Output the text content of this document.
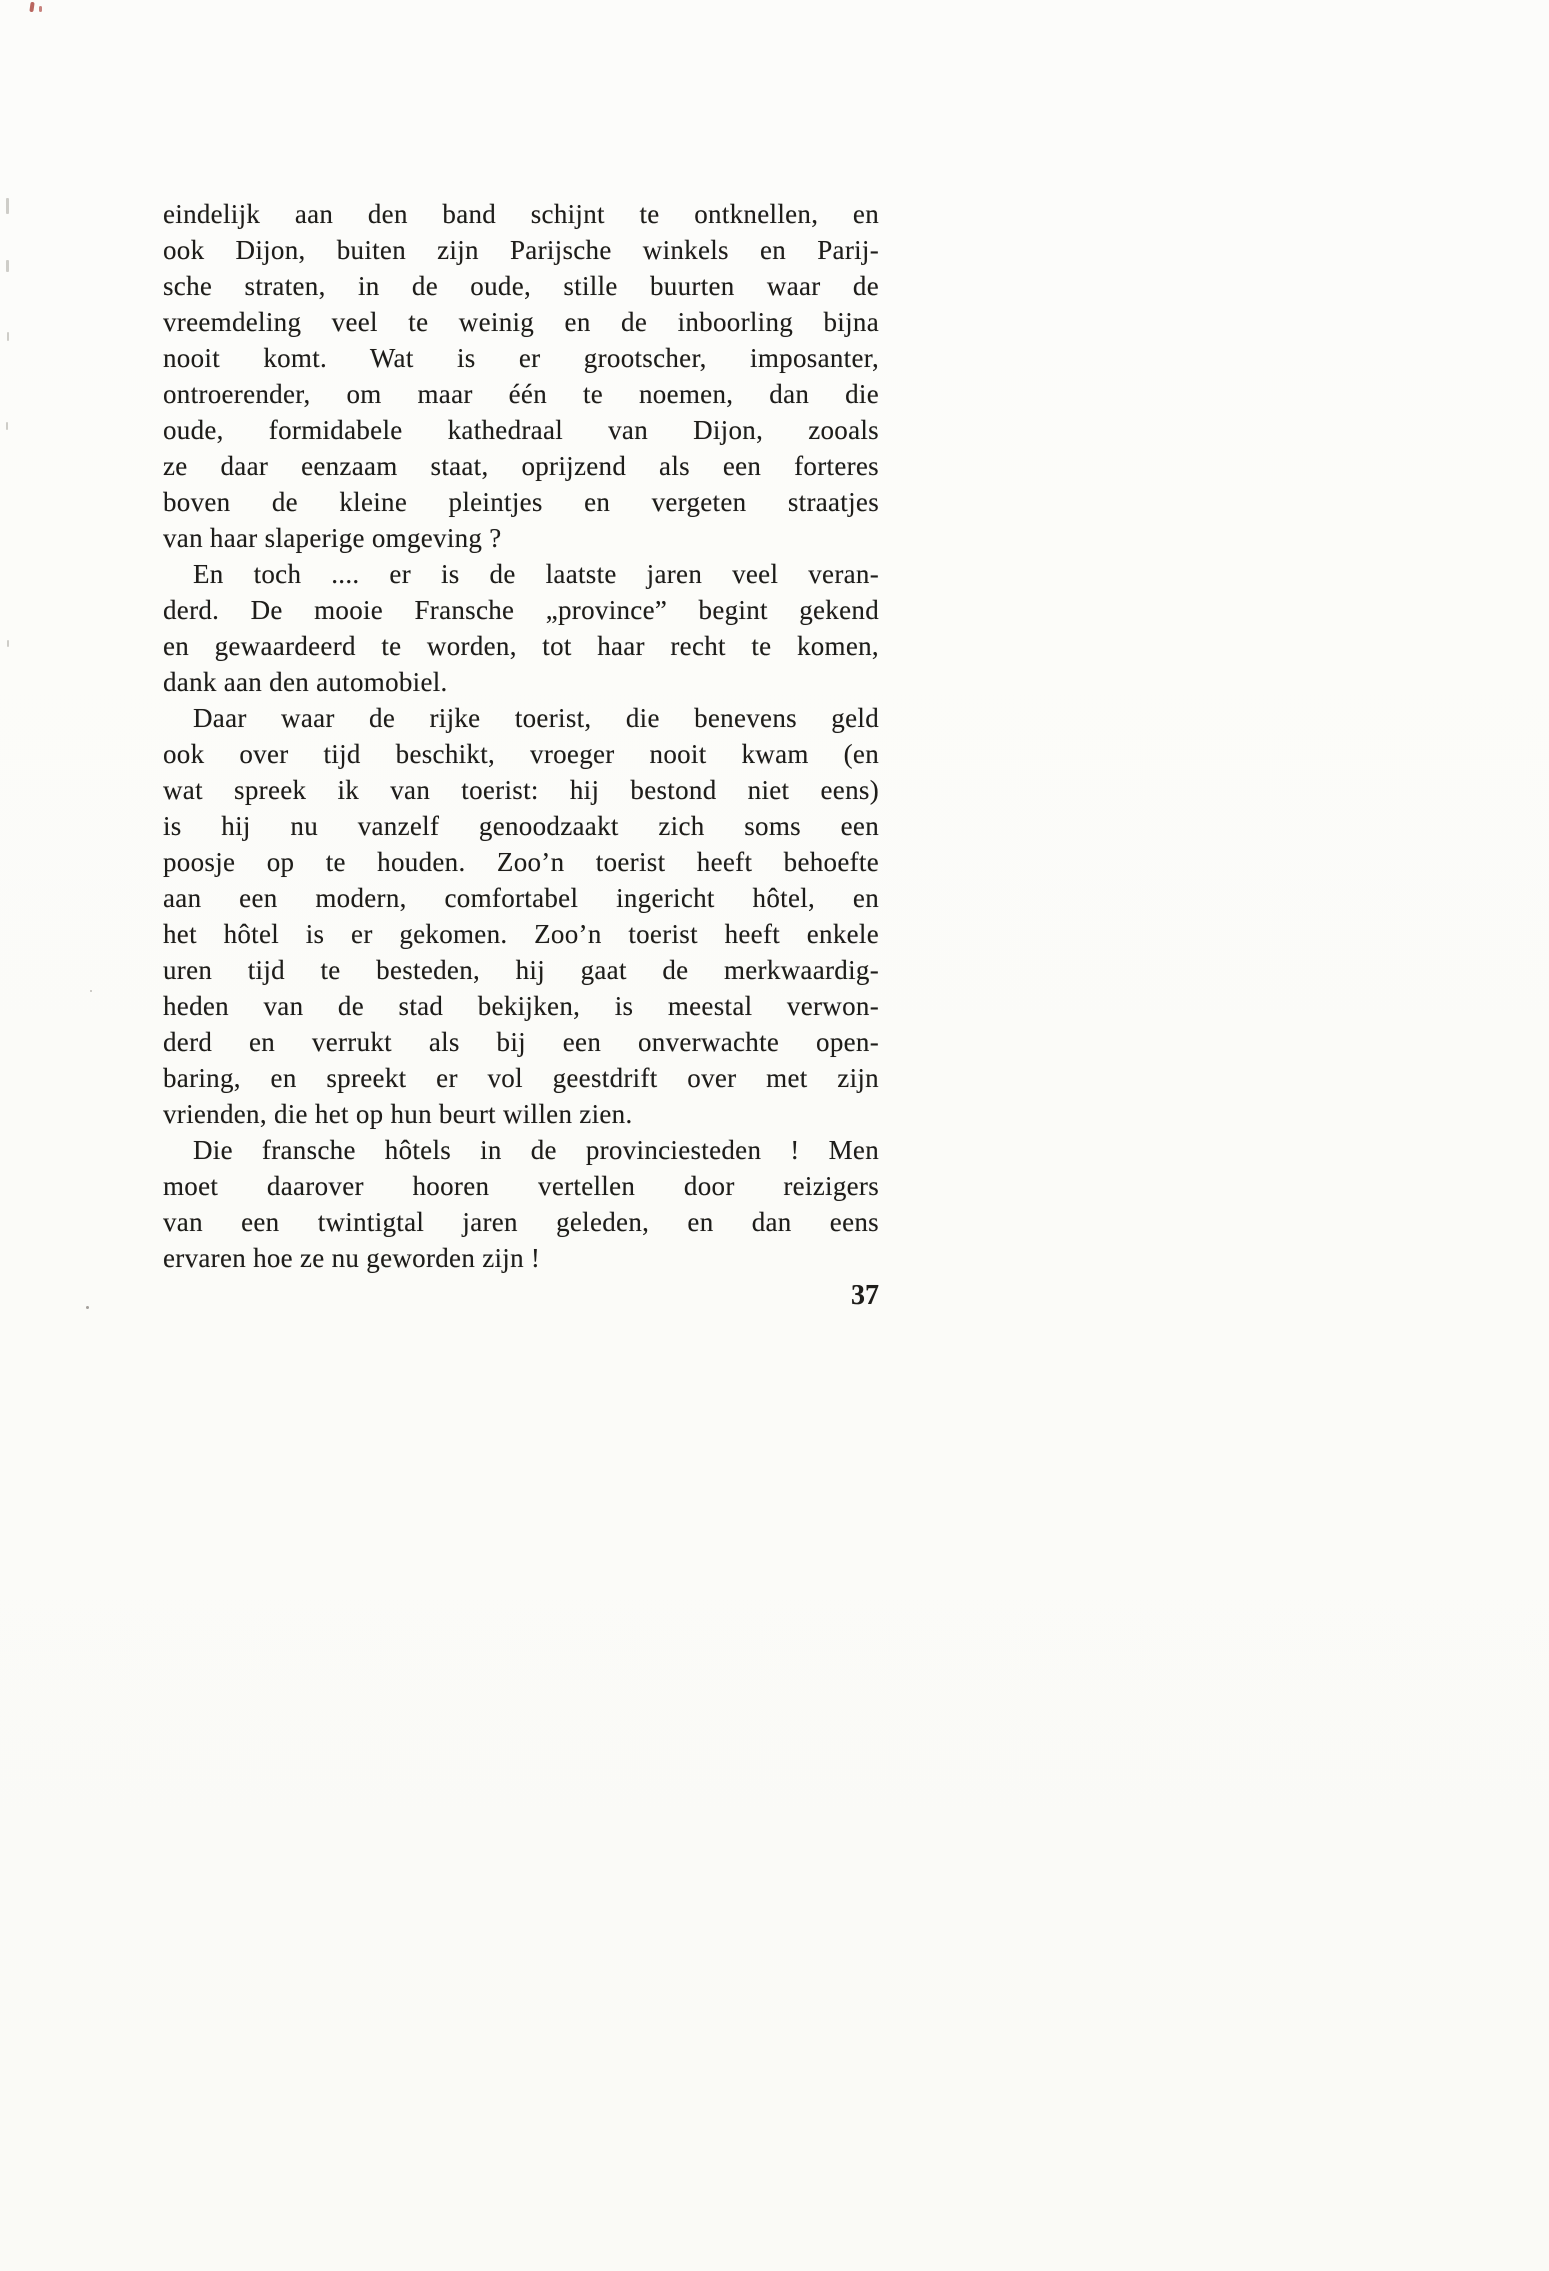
eindelijk aan den band schijnt te ontknellen, en
ook Dijon, buiten zijn Parijsche winkels en Parij-
sche straten, in de oude, stille buurten waar de
vreemdeling veel te weinig en de inboorling bijna
nooit komt. Wat is er grootscher, imposanter,
ontroerender, om maar één te noemen, dan die
oude, formidabele kathedraal van Dijon, zooals
ze daar eenzaam staat, oprijzend als een forteres
boven de kleine pleintjes en vergeten straatjes
van haar slaperige omgeving ?
En toch .... er is de laatste jaren veel veran-
derd. De mooie Fransche „province” begint gekend
en gewaardeerd te worden, tot haar recht te komen,
dank aan den automobiel.
Daar waar de rijke toerist, die benevens geld
ook over tijd beschikt, vroeger nooit kwam (en
wat spreek ik van toerist: hij bestond niet eens)
is hij nu vanzelf genoodzaakt zich soms een
poosje op te houden. Zoo’n toerist heeft behoefte
aan een modern, comfortabel ingericht hôtel, en
het hôtel is er gekomen. Zoo’n toerist heeft enkele
uren tijd te besteden, hij gaat de merkwaardig-
heden van de stad bekijken, is meestal verwon-
derd en verrukt als bij een onverwachte open-
baring, en spreekt er vol geestdrift over met zijn
vrienden, die het op hun beurt willen zien.
Die fransche hôtels in de provinciesteden ! Men
moet daarover hooren vertellen door reizigers
van een twintigtal jaren geleden, en dan eens
ervaren hoe ze nu geworden zijn !
37
